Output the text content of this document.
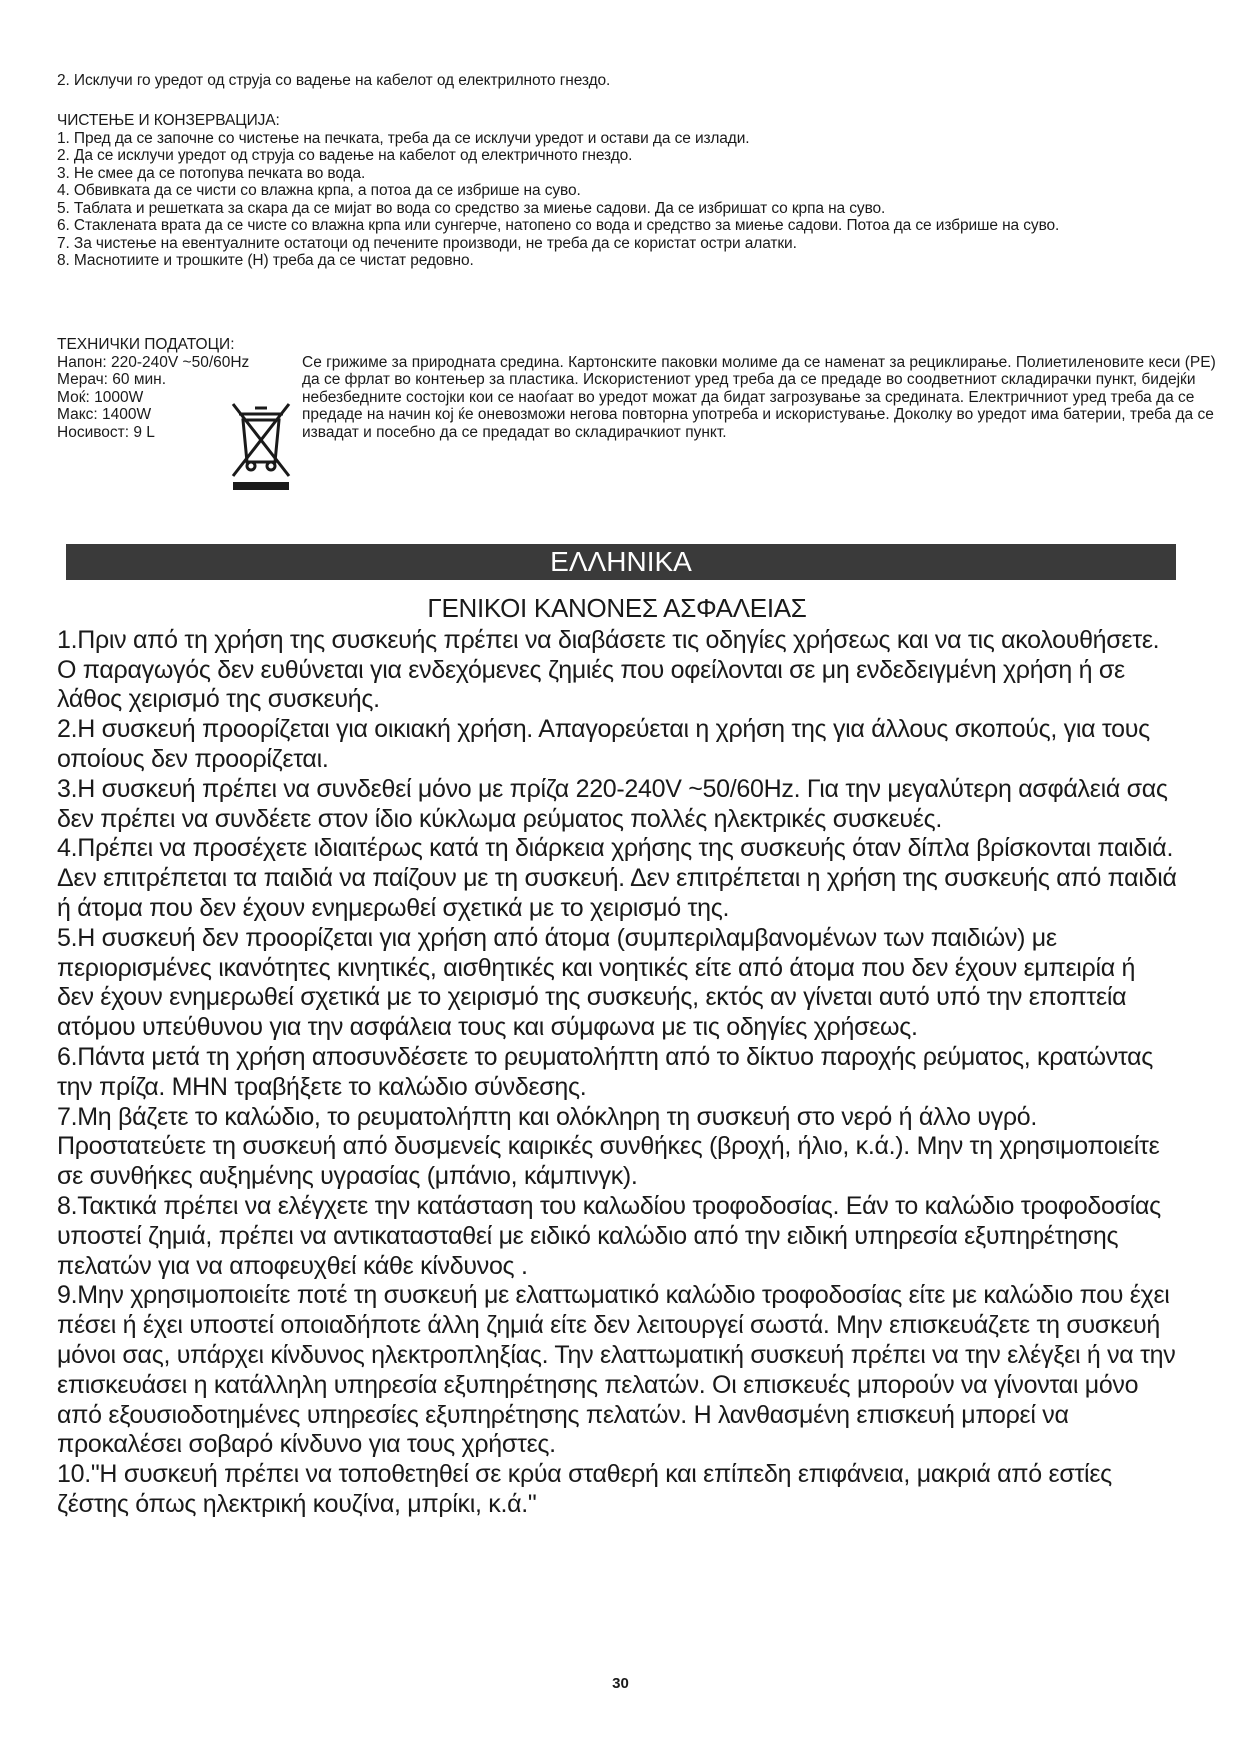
2. Исклучи го уредот од струја со вадење на кабелот од електрилното гнездо.

ЧИСТЕЊЕ И КОНЗЕРВАЦИЈА:

1. Пред да се започне со чистење на печката, треба да се исклучи уредот и остави да се излади.

2. Да се исклучи уредот од струја со вадење на кабелот од електричното гнездо.

3. Не смее да се потопува печката во вода.

4. Обвивката да се чисти со влажна крпа, а потоа да се избрише на суво.

5. Таблата и решетката за скара да се мијат во вода со средство за миење садови. Да се избришат со крпа на суво.

6. Стаклената врата да се чисте со влажна крпа или сунгерче, натопено со вода и средство за миење садови. Потоа да се избрише на суво.

7. За чистење на евентуалните остатоци од печените производи, не треба да се користат остри алатки.

8. Маснотиите и трошките (H) треба да се чистат редовно.

ТЕХНИЧКИ ПОДАТОЦИ:

Напон: 220-240V ~50/60Hz

Мерач: 60 мин.

Моќ: 1000W

Макс: 1400W

Носивост: 9 L

Се грижиме за природната средина. Картонските паковки молиме да се наменат за рециклирање. Полиетиленовите кеси (PE) да се фрлат во контењер за пластика. Искористениот уред треба да се предаде во соодветниот складирачки пункт, бидејќи небезбедните состојки кои се наоѓаат во уредот можат да бидат загрозување за средината. Електричниот уред треба да се предаде на начин кој ќе оневозможи негова повторна употреба и искористување. Доколку во уредот има батерии, треба да се извадат и посебно да се предадат во складирачкиот пункт.
ΕΛΛΗΝΙΚΑ

ΓΕΝΙΚΟΙ ΚΑΝΟΝΕΣ ΑΣΦΑΛΕΙΑΣ

1.Πριν από τη χρήση της συσκευής πρέπει να διαβάσετε τις οδηγίες χρήσεως και να τις ακολουθήσετε. Ο παραγωγός δεν ευθύνεται για ενδεχόμενες ζημιές που οφείλονται σε μη ενδεδειγμένη χρήση ή σε λάθος χειρισμό της συσκευής.

2.Η συσκευή προορίζεται για οικιακή χρήση. Απαγορεύεται η χρήση της για άλλους σκοπούς, για τους οποίους δεν προορίζεται.

3.Η συσκευή πρέπει να συνδεθεί μόνο με πρίζα 220-240V ~50/60Hz. Για την μεγαλύτερη ασφάλειά σας δεν πρέπει να συνδέετε στον ίδιο κύκλωμα ρεύματος πολλές ηλεκτρικές συσκευές.

4.Πρέπει να προσέχετε ιδιαιτέρως κατά τη διάρκεια χρήσης της συσκευής όταν δίπλα βρίσκονται παιδιά. Δεν επιτρέπεται τα παιδιά να παίζουν με τη συσκευή. Δεν επιτρέπεται η χρήση της συσκευής από παιδιά ή άτομα που δεν έχουν ενημερωθεί σχετικά με το χειρισμό της.

5.Η συσκευή δεν προορίζεται για χρήση από άτομα (συμπεριλαμβανομένων των παιδιών) με περιορισμένες ικανότητες κινητικές, αισθητικές και νοητικές είτε από άτομα που δεν έχουν εμπειρία ή δεν έχουν ενημερωθεί σχετικά με το χειρισμό της συσκευής, εκτός αν γίνεται αυτό υπό την εποπτεία ατόμου υπεύθυνου για την ασφάλεια τους και σύμφωνα με τις οδηγίες χρήσεως.

6.Πάντα μετά τη χρήση αποσυνδέσετε το ρευματολήπτη από το δίκτυο παροχής ρεύματος, κρατώντας την πρίζα. ΜΗΝ τραβήξετε το καλώδιο σύνδεσης.

7.Μη βάζετε το καλώδιο, το ρευματολήπτη και ολόκληρη τη συσκευή στο νερό ή άλλο υγρό. Προστατεύετε τη συσκευή από δυσμενείς καιρικές συνθήκες (βροχή, ήλιο, κ.ά.). Μην τη χρησιμοποιείτε σε συνθήκες αυξημένης υγρασίας (μπάνιο, κάμπινγκ).

8.Τακτικά πρέπει να ελέγχετε την κατάσταση του καλωδίου τροφοδοσίας. Εάν το καλώδιο τροφοδοσίας υποστεί ζημιά, πρέπει να αντικατασταθεί με ειδικό καλώδιο από την ειδική υπηρεσία εξυπηρέτησης πελατών για να αποφευχθεί κάθε κίνδυνος .

9.Μην χρησιμοποιείτε ποτέ τη συσκευή με ελαττωματικό καλώδιο τροφοδοσίας είτε με καλώδιο που έχει πέσει ή έχει υποστεί οποιαδήποτε άλλη ζημιά είτε δεν λειτουργεί σωστά. Μην επισκευάζετε τη συσκευή μόνοι σας, υπάρχει κίνδυνος ηλεκτροπληξίας. Την ελαττωματική συσκευή πρέπει να την ελέγξει ή να την επισκευάσει η κατάλληλη υπηρεσία εξυπηρέτησης πελατών. Οι επισκευές μπορούν να γίνονται μόνο από εξουσιοδοτημένες υπηρεσίες εξυπηρέτησης πελατών. Η λανθασμένη επισκευή μπορεί να προκαλέσει σοβαρό κίνδυνο για τους χρήστες.

10."Η συσκευή πρέπει να τοποθετηθεί σε κρύα σταθερή και επίπεδη επιφάνεια, μακριά από εστίες ζέστης όπως ηλεκτρική κουζίνα, μπρίκι, κ.ά."

30
